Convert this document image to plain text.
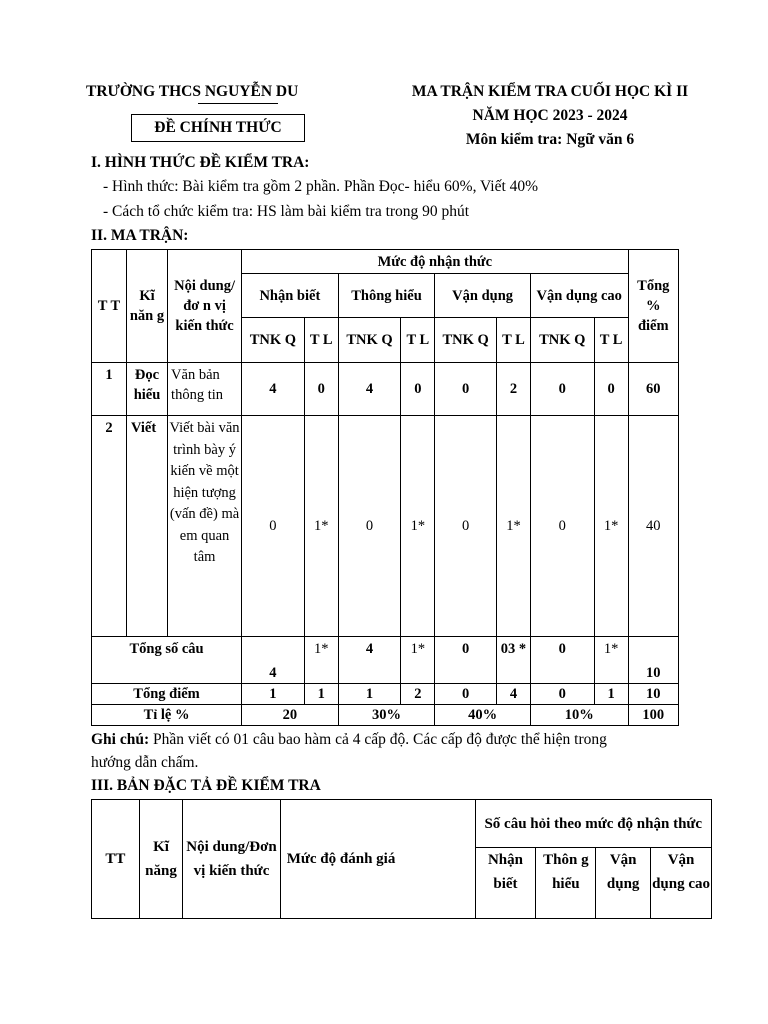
TRƯỜNG THCS NGUYỄN DU
ĐỀ CHÍNH THỨC
MA TRẬN KIỂM TRA CUỐI HỌC KÌ II
NĂM HỌC 2023 - 2024
Môn kiểm tra: Ngữ văn 6
I. HÌNH THỨC ĐỀ KIỂM TRA:
- Hình thức: Bài kiểm tra gồm 2 phần. Phần Đọc- hiểu 60%, Viết 40%
- Cách tổ chức kiểm tra: HS làm bài kiểm tra trong 90 phút
II. MA TRẬN:
T T	Kĩ năn g	Nội dung/đơ n vị kiến thức	Mức độ nhận thức								Tổng % điểm
			Nhận biết		Thông hiểu		Vận dụng		Vận dụng cao		
			TNK Q	T L	TNK Q	T L	TNK Q	T L	TNK Q	T L	
1	Đọc hiểu	Văn bản thông tin	4	0	4	0	0	2	0	0	60
2	Viết	Viết bài văn trình bày ý kiến về một hiện tượng (vấn đề) mà em quan tâm	0	1*	0	1*	0	1*	0	1*	40
Tổng số câu			4	1*	4	1*	0	03 *	0	1*	10
Tổng điểm			1	1	1	2	0	4	0	1	10
Tỉ lệ %			20		30%		40%		10%		100
Ghi chú: Phần viết có 01 câu bao hàm cả 4 cấp độ. Các cấp độ được thể hiện trong
hướng dẫn chấm.
III. BẢN ĐẶC TẢ ĐỀ KIỂM TRA
TT	Kĩ năng	Nội dung/Đơn vị kiến thức	Mức độ đánh giá	Số câu hỏi theo mức độ nhận thức			
				Nhận biết	Thôn g hiểu	Vận dụng	Vận dụng cao
